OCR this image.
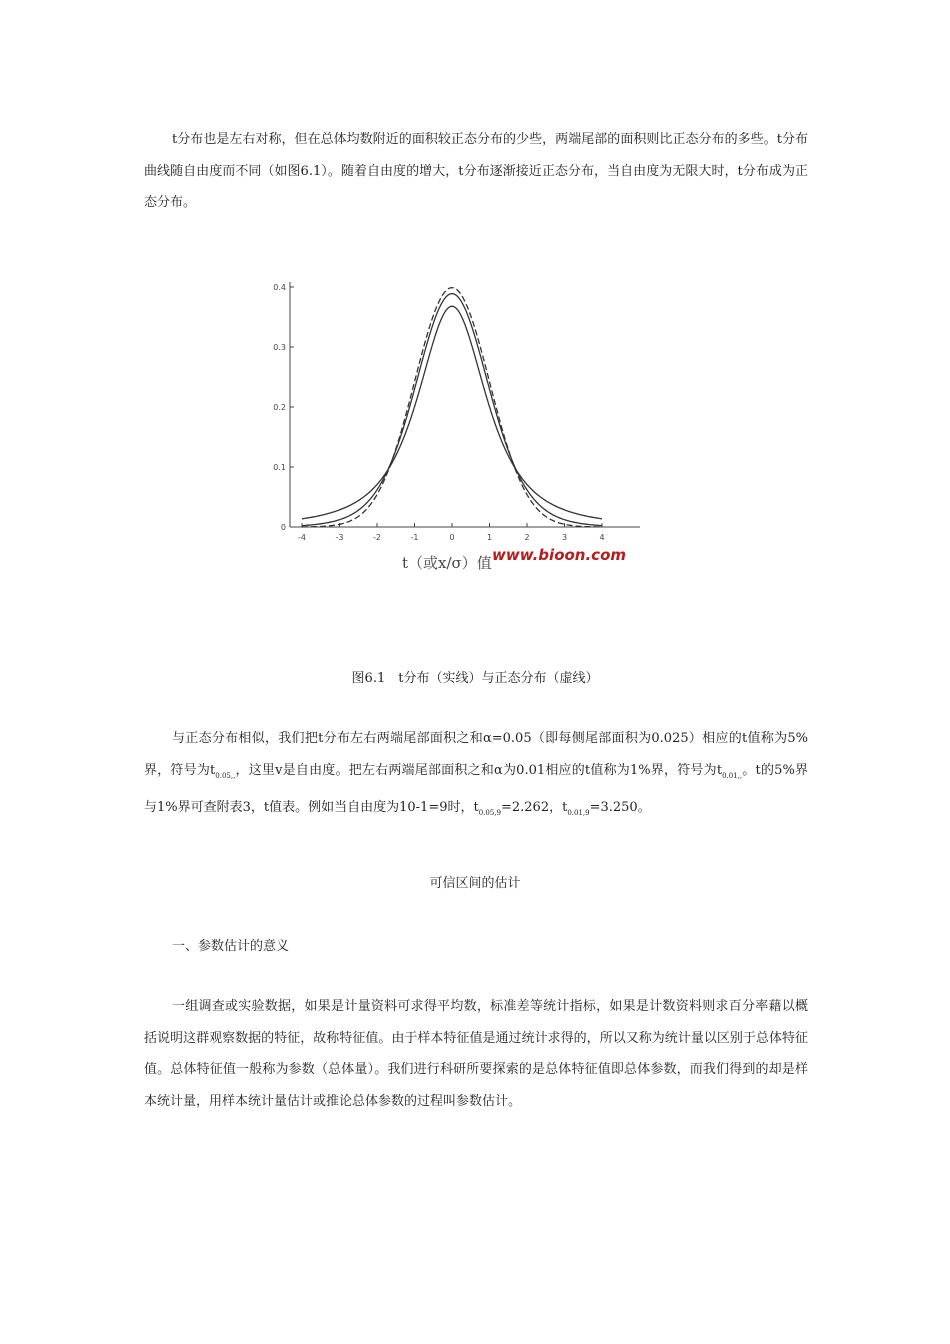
t分布也是左右对称，但在总体均数附近的面积较正态分布的少些，两端尾部的面积则比正态分布的多些。t分布曲线随自由度而不同（如图6.1）。随着自由度的增大，t分布逐渐接近正态分布，当自由度为无限大时，t分布成为正态分布。

-4	-3	-2	-1	0	1	2	3	4
0
0.1
0.2
0.3
0.4
t（或x/σ）值 www.bioon.com

图6.1　t分布（实线）与正态分布（虚线）

与正态分布相似，我们把t分布左右两端尾部面积之和α=0.05（即每侧尾部面积为0.025）相应的t值称为5%界，符号为$t_{0.05,,}$，这里v是自由度。把左右两端尾部面积之和α为0.01相应的t值称为1%界，符号为$t_{0.01,,}$。t的5%界与1%界可查附表3，t值表。例如当自由度为10-1=9时，$t_{0.05,9}=2.262$，$t_{0.01,9}=3.250$。

可信区间的估计

一、参数估计的意义

一组调查或实验数据，如果是计量资料可求得平均数，标准差等统计指标，如果是计数资料则求百分率藉以概括说明这群观察数据的特征，故称特征值。由于样本特征值是通过统计求得的，所以又称为统计量以区别于总体特征值。总体特征值一般称为参数（总体量）。我们进行科研所要探索的是总体特征值即总体参数，而我们得到的却是样本统计量，用样本统计量估计或推论总体参数的过程叫参数估计。
